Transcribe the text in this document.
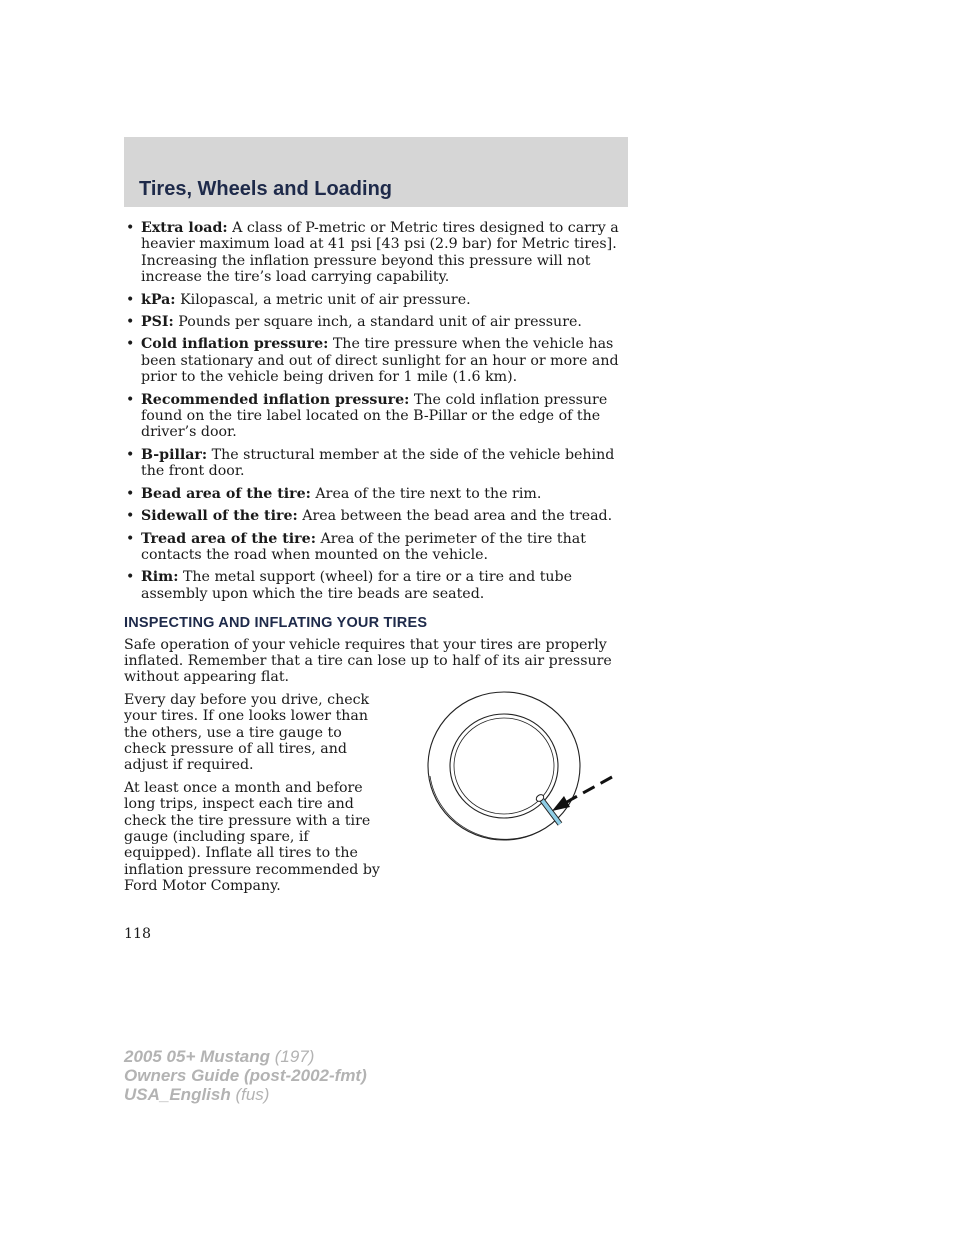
Tires, Wheels and Loading
• Extra load: A class of P-metric or Metric tires designed to carry a heavier maximum load at 41 psi [43 psi (2.9 bar) for Metric tires]. Increasing the inflation pressure beyond this pressure will not increase the tire’s load carrying capability.
• kPa: Kilopascal, a metric unit of air pressure.
• PSI: Pounds per square inch, a standard unit of air pressure.
• Cold inflation pressure: The tire pressure when the vehicle has been stationary and out of direct sunlight for an hour or more and prior to the vehicle being driven for 1 mile (1.6 km).
• Recommended inflation pressure: The cold inflation pressure found on the tire label located on the B-Pillar or the edge of the driver’s door.
• B-pillar: The structural member at the side of the vehicle behind the front door.
• Bead area of the tire: Area of the tire next to the rim.
• Sidewall of the tire: Area between the bead area and the tread.
• Tread area of the tire: Area of the perimeter of the tire that contacts the road when mounted on the vehicle.
• Rim: The metal support (wheel) for a tire or a tire and tube assembly upon which the tire beads are seated.
INSPECTING AND INFLATING YOUR TIRES

Safe operation of your vehicle requires that your tires are properly inflated. Remember that a tire can lose up to half of its air pressure without appearing flat.

Every day before you drive, check your tires. If one looks lower than the others, use a tire gauge to check pressure of all tires, and adjust if required.

At least once a month and before long trips, inspect each tire and check the tire pressure with a tire gauge (including spare, if equipped). Inflate all tires to the inflation pressure recommended by Ford Motor Company.

118
2005 05+ Mustang (197)
Owners Guide (post-2002-fmt)
USA_English (fus)
